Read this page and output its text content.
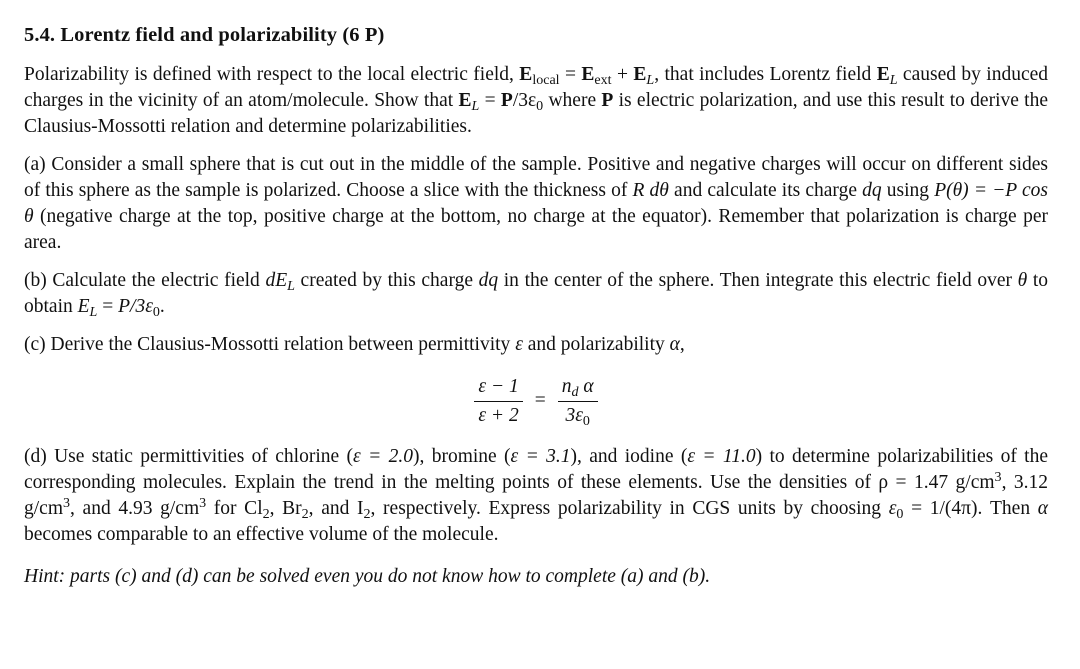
5.4. Lorentz field and polarizability (6 P)

Polarizability is defined with respect to the local electric field, $E_{local} = E_{ext} + E_L$, that includes Lorentz field $E_L$ caused by induced charges in the vicinity of an atom/molecule. Show that $E_L = P/3\varepsilon_0$ where P is electric polarization, and use this result to derive the Clausius-Mossotti relation and determine polarizabilities.

(a) Consider a small sphere that is cut out in the middle of the sample. Positive and negative charges will occur on different sides of this sphere as the sample is polarized. Choose a slice with the thickness of R dθ and calculate its charge dq using P(θ) = −P cos θ (negative charge at the top, positive charge at the bottom, no charge at the equator). Remember that polarization is charge per area.

(b) Calculate the electric field $dE_L$ created by this charge dq in the center of the sphere. Then integrate this electric field over θ to obtain $E_L = P/3\varepsilon_0$.

(c) Derive the Clausius-Mossotti relation between permittivity ε and polarizability α,

$\frac{\varepsilon - 1}{\varepsilon + 2} = \frac{n_d \alpha}{3\varepsilon_0}$

(d) Use static permittivities of chlorine (ε = 2.0), bromine (ε = 3.1), and iodine (ε = 11.0) to determine polarizabilities of the corresponding molecules. Explain the trend in the melting points of these elements. Use the densities of ρ = 1.47 $g/cm^3$, 3.12 $g/cm^3$, and 4.93 $g/cm^3$ for $Cl_2$, $Br_2$, and $I_2$, respectively. Express polarizability in CGS units by choosing $\varepsilon_0 = 1/(4\pi)$. Then α becomes comparable to an effective volume of the molecule.

Hint: parts (c) and (d) can be solved even you do not know how to complete (a) and (b).
